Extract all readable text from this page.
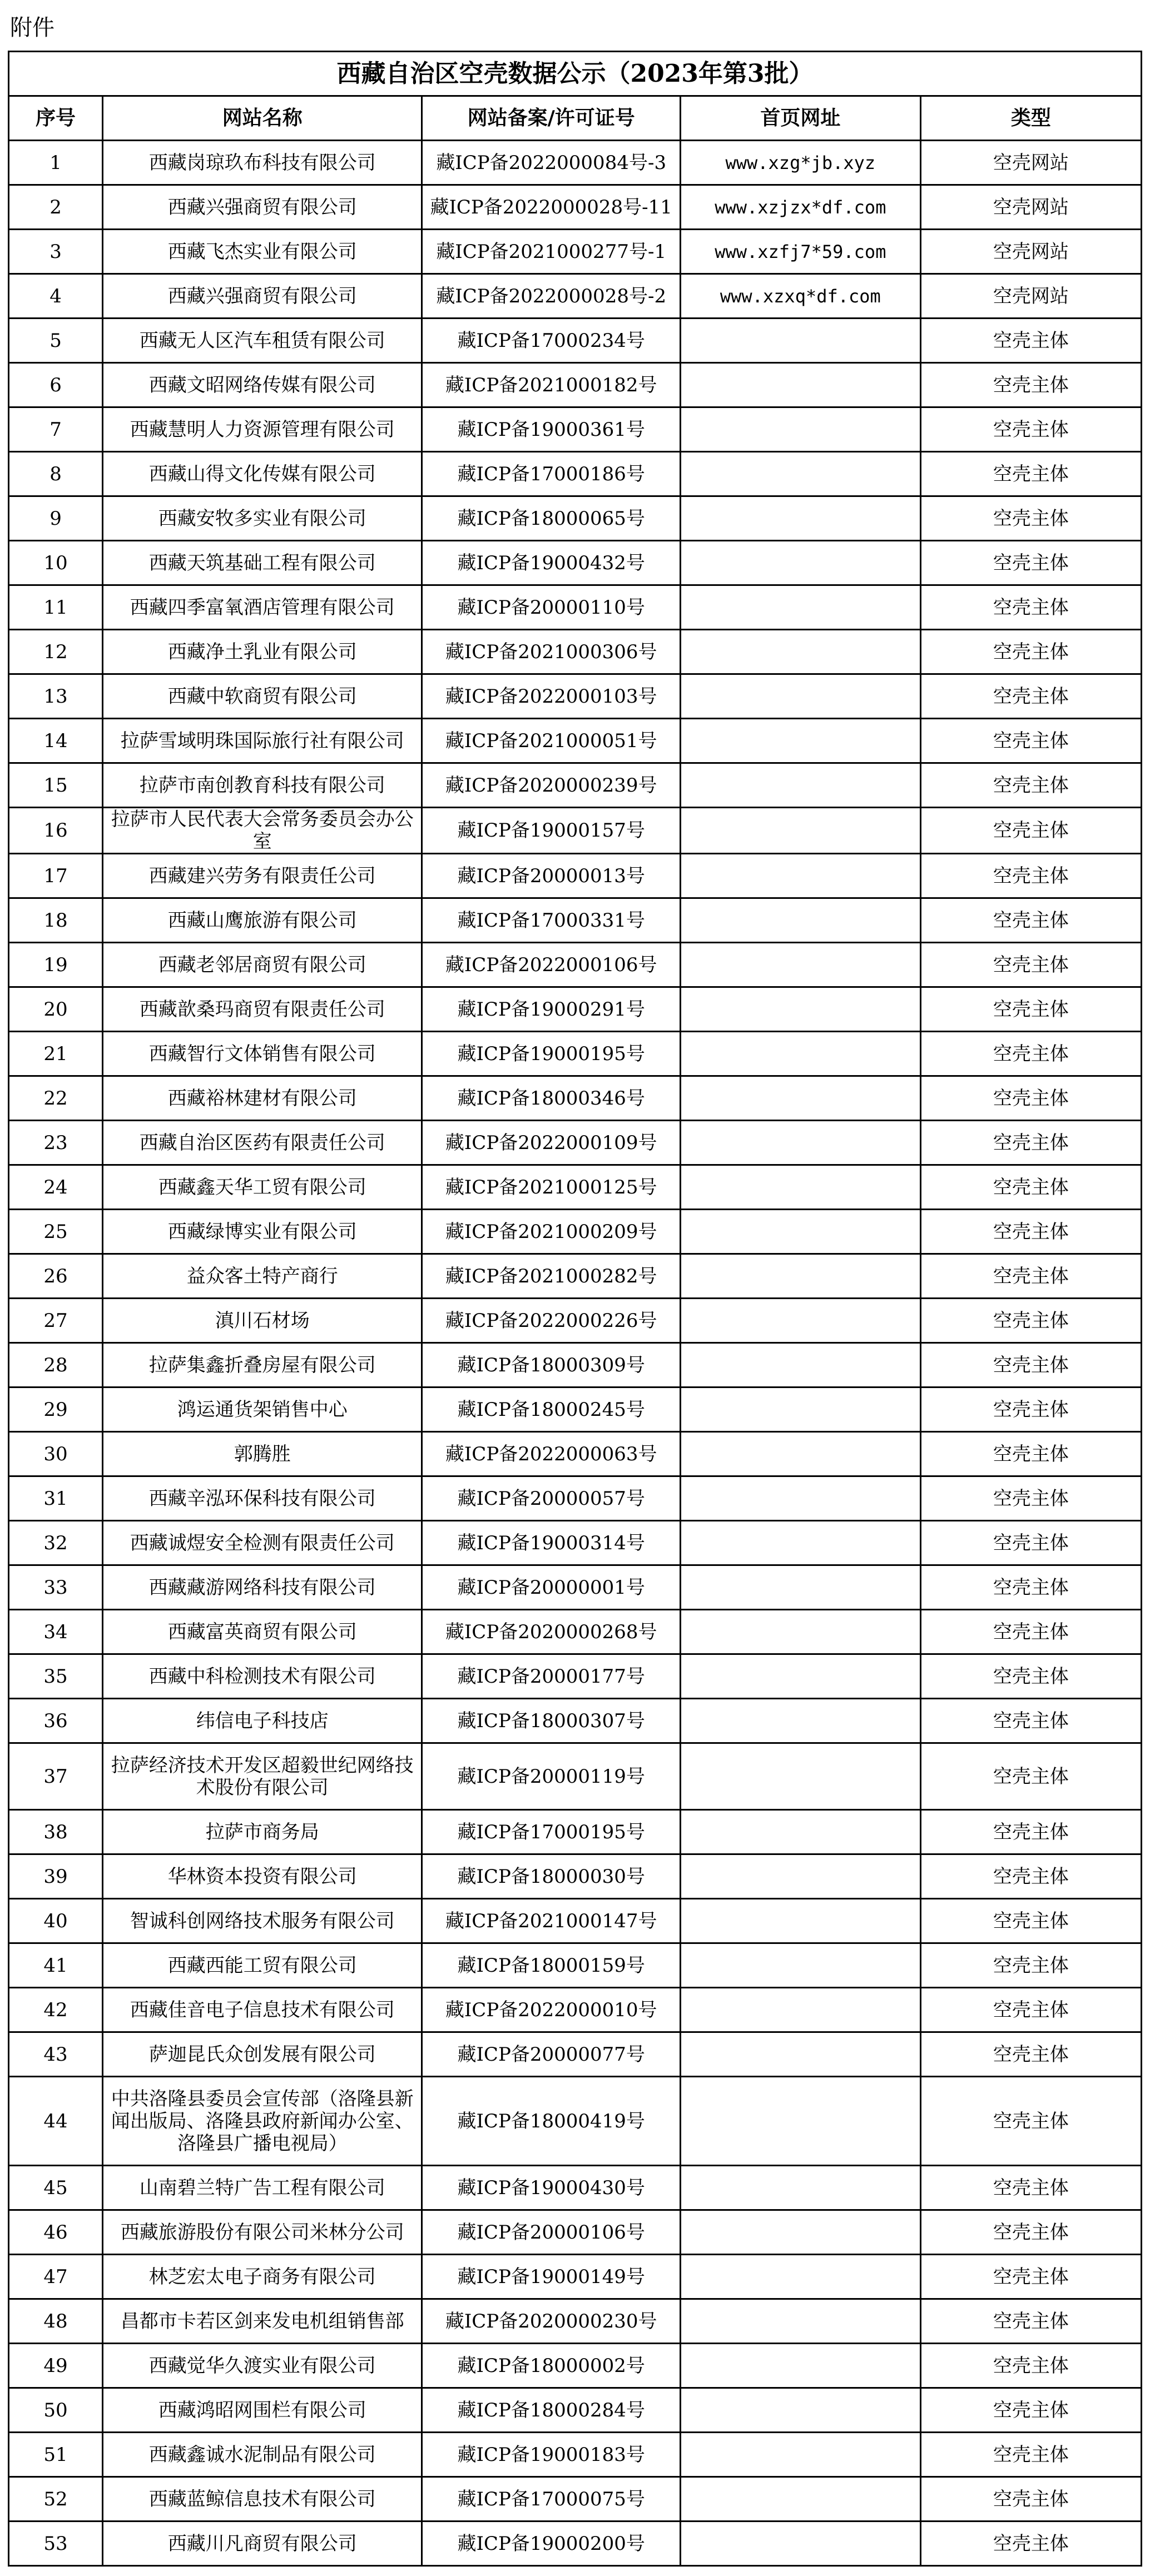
附件
西藏自治区空壳数据公示（2023年第3批）				
序号	网站名称	网站备案/许可证号	首页网址	类型
1	西藏岗琼玖布科技有限公司	藏ICP备2022000084号-3	www.xzg*jb.xyz	空壳网站
2	西藏兴强商贸有限公司	藏ICP备2022000028号-11	www.xzjzx*df.com	空壳网站
3	西藏飞杰实业有限公司	藏ICP备2021000277号-1	www.xzfj7*59.com	空壳网站
4	西藏兴强商贸有限公司	藏ICP备2022000028号-2	www.xzxq*df.com	空壳网站
5	西藏无人区汽车租赁有限公司	藏ICP备17000234号		空壳主体
6	西藏文昭网络传媒有限公司	藏ICP备2021000182号		空壳主体
7	西藏慧明人力资源管理有限公司	藏ICP备19000361号		空壳主体
8	西藏山得文化传媒有限公司	藏ICP备17000186号		空壳主体
9	西藏安牧多实业有限公司	藏ICP备18000065号		空壳主体
10	西藏天筑基础工程有限公司	藏ICP备19000432号		空壳主体
11	西藏四季富氧酒店管理有限公司	藏ICP备20000110号		空壳主体
12	西藏净土乳业有限公司	藏ICP备2021000306号		空壳主体
13	西藏中软商贸有限公司	藏ICP备2022000103号		空壳主体
14	拉萨雪域明珠国际旅行社有限公司	藏ICP备2021000051号		空壳主体
15	拉萨市南创教育科技有限公司	藏ICP备2020000239号		空壳主体
16	拉萨市人民代表大会常务委员会办公室	藏ICP备19000157号		空壳主体
17	西藏建兴劳务有限责任公司	藏ICP备20000013号		空壳主体
18	西藏山鹰旅游有限公司	藏ICP备17000331号		空壳主体
19	西藏老邻居商贸有限公司	藏ICP备2022000106号		空壳主体
20	西藏歆桑玛商贸有限责任公司	藏ICP备19000291号		空壳主体
21	西藏智行文体销售有限公司	藏ICP备19000195号		空壳主体
22	西藏裕林建材有限公司	藏ICP备18000346号		空壳主体
23	西藏自治区医药有限责任公司	藏ICP备2022000109号		空壳主体
24	西藏鑫天华工贸有限公司	藏ICP备2021000125号		空壳主体
25	西藏绿博实业有限公司	藏ICP备2021000209号		空壳主体
26	益众客土特产商行	藏ICP备2021000282号		空壳主体
27	滇川石材场	藏ICP备2022000226号		空壳主体
28	拉萨集鑫折叠房屋有限公司	藏ICP备18000309号		空壳主体
29	鸿运通货架销售中心	藏ICP备18000245号		空壳主体
30	郭腾胜	藏ICP备2022000063号		空壳主体
31	西藏辛泓环保科技有限公司	藏ICP备20000057号		空壳主体
32	西藏诚煜安全检测有限责任公司	藏ICP备19000314号		空壳主体
33	西藏藏游网络科技有限公司	藏ICP备20000001号		空壳主体
34	西藏富英商贸有限公司	藏ICP备2020000268号		空壳主体
35	西藏中科检测技术有限公司	藏ICP备20000177号		空壳主体
36	纬信电子科技店	藏ICP备18000307号		空壳主体
37	拉萨经济技术开发区超毅世纪网络技术股份有限公司	藏ICP备20000119号		空壳主体
38	拉萨市商务局	藏ICP备17000195号		空壳主体
39	华林资本投资有限公司	藏ICP备18000030号		空壳主体
40	智诚科创网络技术服务有限公司	藏ICP备2021000147号		空壳主体
41	西藏西能工贸有限公司	藏ICP备18000159号		空壳主体
42	西藏佳音电子信息技术有限公司	藏ICP备2022000010号		空壳主体
43	萨迦昆氏众创发展有限公司	藏ICP备20000077号		空壳主体
44	中共洛隆县委员会宣传部（洛隆县新闻出版局、洛隆县政府新闻办公室、洛隆县广播电视局）	藏ICP备18000419号		空壳主体
45	山南碧兰特广告工程有限公司	藏ICP备19000430号		空壳主体
46	西藏旅游股份有限公司米林分公司	藏ICP备20000106号		空壳主体
47	林芝宏太电子商务有限公司	藏ICP备19000149号		空壳主体
48	昌都市卡若区剑来发电机组销售部	藏ICP备2020000230号		空壳主体
49	西藏觉华久渡实业有限公司	藏ICP备18000002号		空壳主体
50	西藏鸿昭网围栏有限公司	藏ICP备18000284号		空壳主体
51	西藏鑫诚水泥制品有限公司	藏ICP备19000183号		空壳主体
52	西藏蓝鲸信息技术有限公司	藏ICP备17000075号		空壳主体
53	西藏川凡商贸有限公司	藏ICP备19000200号		空壳主体
